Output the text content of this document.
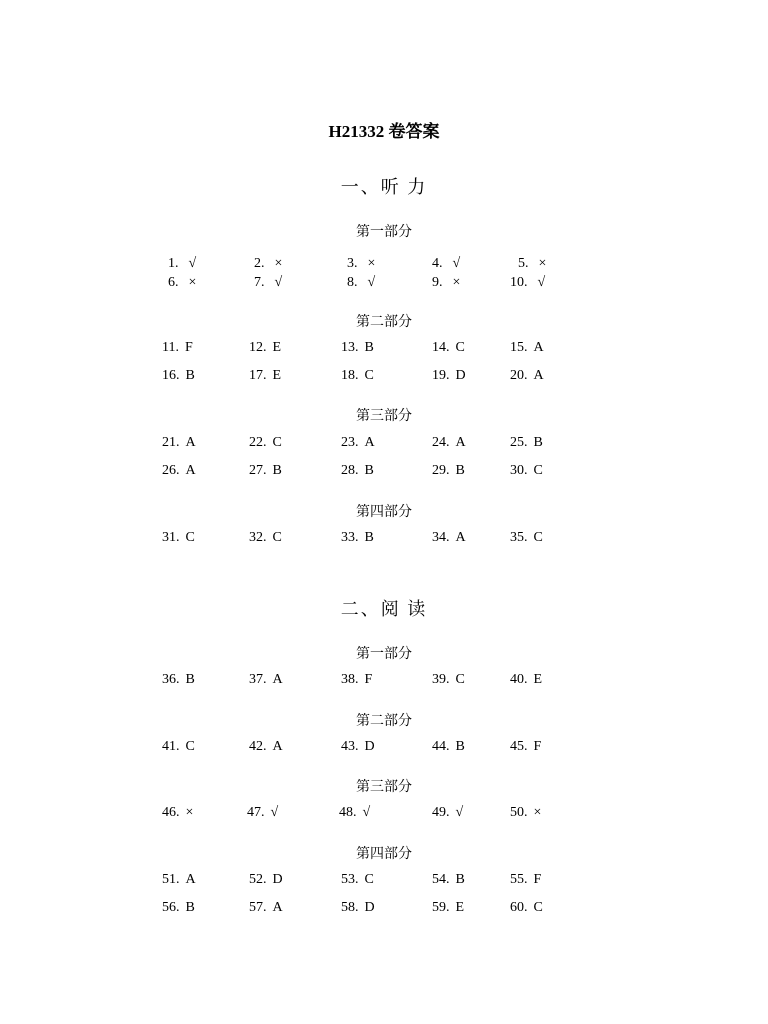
H21332 卷答案
一、听 力
第一部分
1. √	2. ×	3. ×	4. √	5. ×
6. ×	7. √	8. √	9. ×	10. √
第二部分
11. F	12. E	13. B	14. C	15. A
16. B	17. E	18. C	19. D	20. A
第三部分
21. A	22. C	23. A	24. A	25. B
26. A	27. B	28. B	29. B	30. C
第四部分
31. C	32. C	33. B	34. A	35. C
二、阅 读
第一部分
36. B	37. A	38. F	39. C	40. E
第二部分
41. C	42. A	43. D	44. B	45. F
第三部分
46. ×	47. √	48. √	49. √	50. ×
第四部分
51. A	52. D	53. C	54. B	55. F
56. B	57. A	58. D	59. E	60. C
